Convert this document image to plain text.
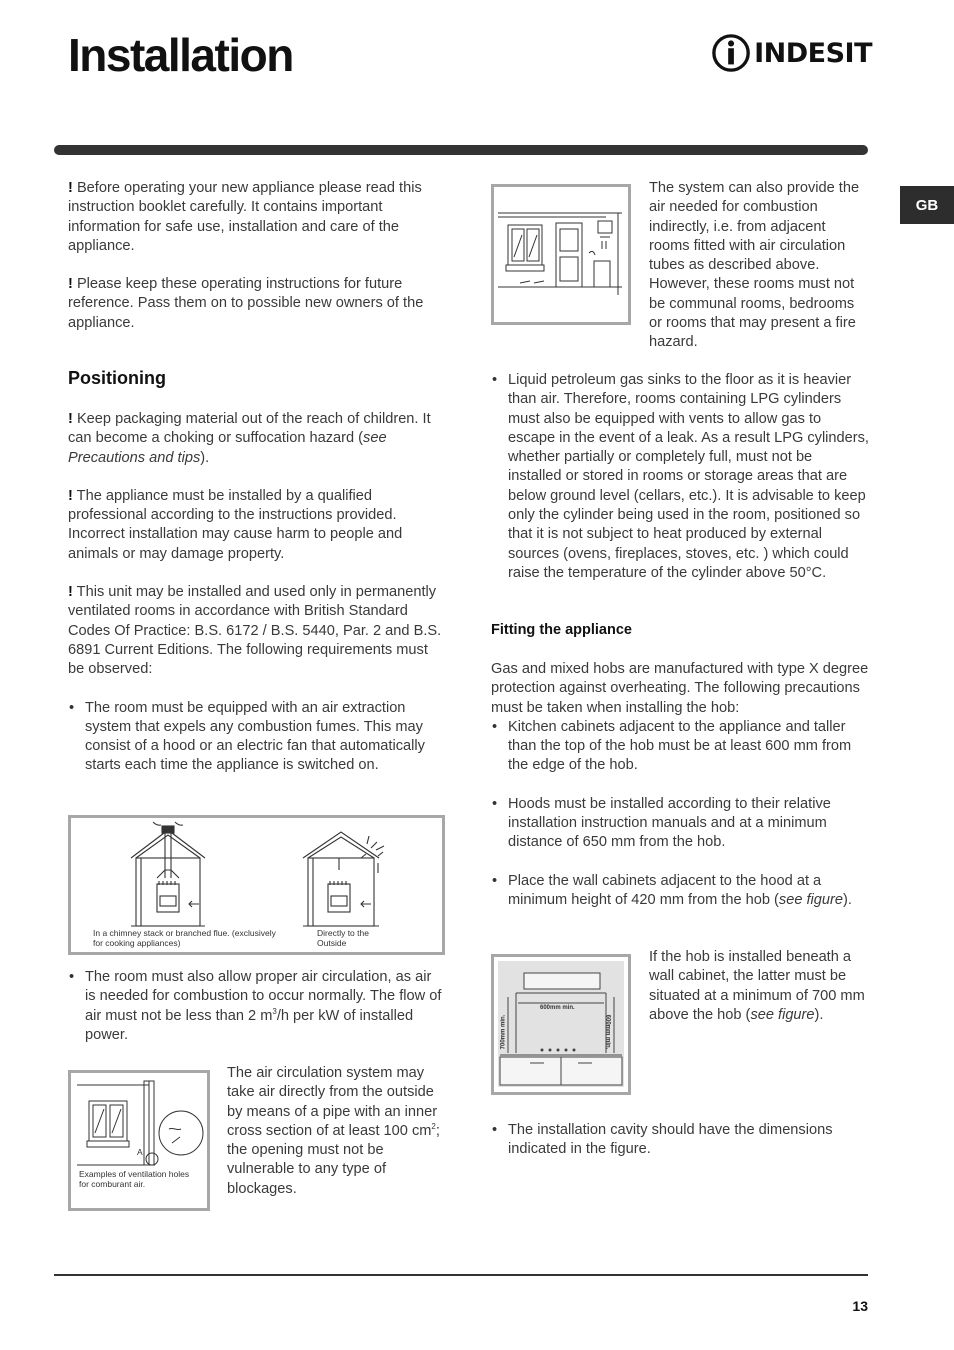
Installation	INDESIT
GB

! Before operating your new appliance please read this instruction booklet carefully. It contains important information for safe use, installation and care of the appliance.

! Please keep these operating instructions for future reference. Pass them on to possible new owners of the appliance.

Positioning

! Keep packaging material out of the reach of children. It can become a choking or suffocation hazard (see Precautions and tips).

! The appliance must be installed by a qualified professional according to the instructions provided. Incorrect installation may cause harm to people and animals or may damage property.

! This unit may be installed and used only in permanently ventilated rooms in accordance with British Standard Codes Of Practice: B.S. 6172 / B.S. 5440, Par. 2 and B.S. 6891 Current Editions. The following requirements must be observed:

• The room must be equipped with an air extraction system that expels any combustion fumes. This may consist of a hood or an electric fan that automatically starts each time the appliance is switched on.

In a chimney stack or branched flue. (exclusively for cooking appliances)
Directly to the Outside

• The room must also allow proper air circulation, as air is needed for combustion to occur normally. The flow of air must not be less than 2 $m^3/h$ per kW of installed power.

A
Examples of ventilation holes for comburant air.

The air circulation system may take air directly from the outside by means of a pipe with an inner cross section of at least 100 $cm^2$; the opening must not be vulnerable to any type of blockages.

The system can also provide the air needed for combustion indirectly, i.e. from adjacent rooms fitted with air circulation tubes as described above. However, these rooms must not be communal rooms, bedrooms or rooms that may present a fire hazard.

• Liquid petroleum gas sinks to the floor as it is heavier than air. Therefore, rooms containing LPG cylinders must also be equipped with vents to allow gas to escape in the event of a leak. As a result LPG cylinders, whether partially or completely full, must not be installed or stored in rooms or storage areas that are below ground level (cellars, etc.). It is advisable to keep only the cylinder being used in the room, positioned so that it is not subject to heat produced by external sources (ovens, fireplaces, stoves, etc. ) which could raise the temperature of the cylinder above 50°C.

Fitting the appliance

Gas and mixed hobs are manufactured with type X degree protection against overheating. The following precautions must be taken when installing the hob:

• Kitchen cabinets adjacent to the appliance and taller than the top of the hob must be at least 600 mm from the edge of the hob.

• Hoods must be installed according to their relative installation instruction manuals and at a minimum distance of 650 mm from the hob.

• Place the wall cabinets adjacent to the hood at a minimum height of 420 mm from the hob (see figure).

600mm min.
700mm min.	600mm min.

If the hob is installed beneath a wall cabinet, the latter must be situated at a minimum of 700 mm above the hob (see figure).

• The installation cavity should have the dimensions indicated in the figure.

13
